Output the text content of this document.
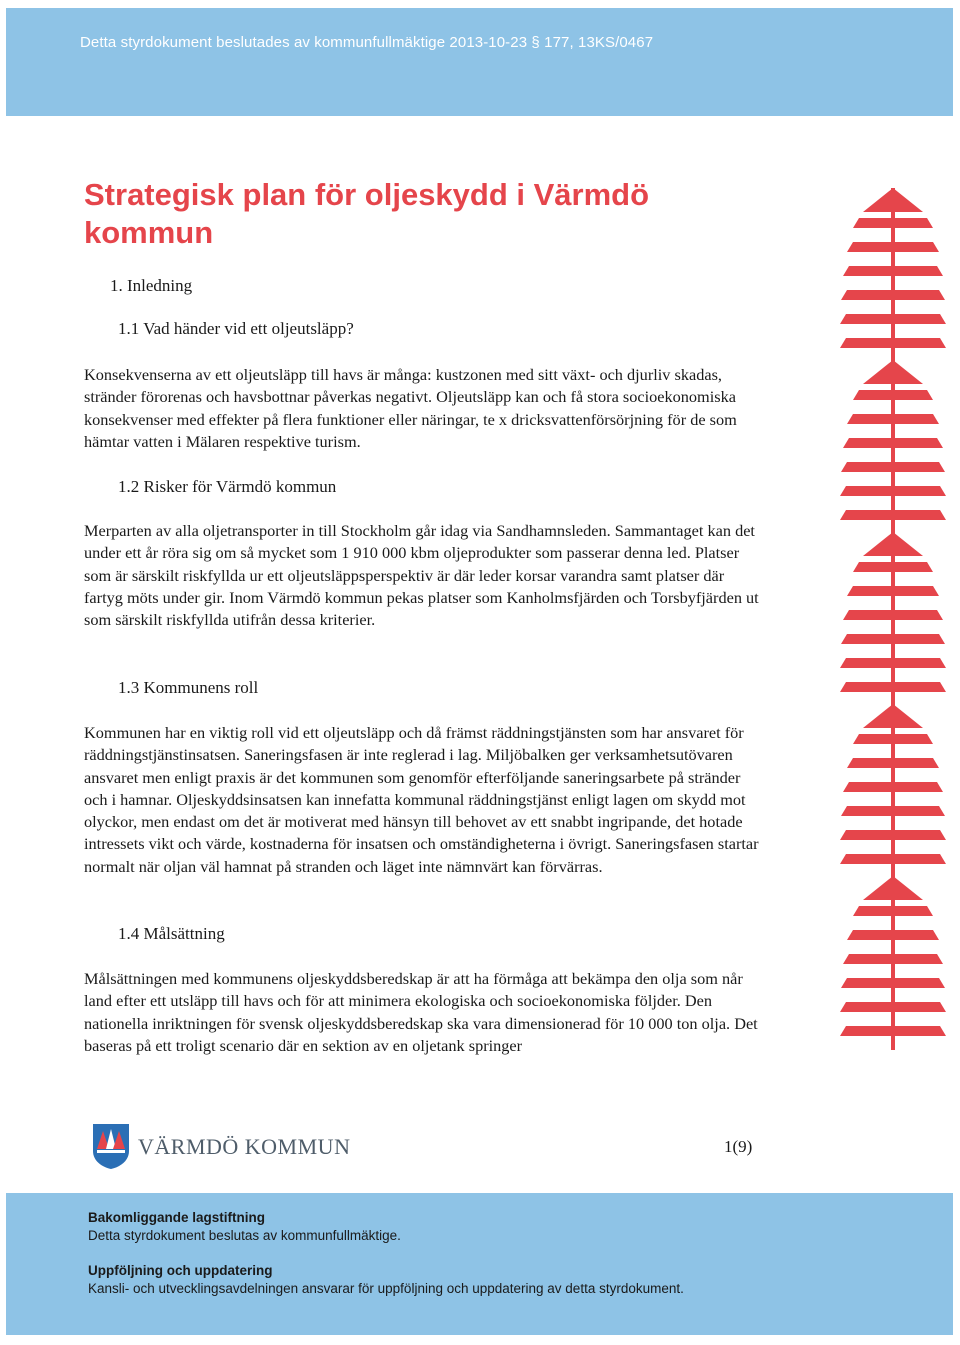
Detta styrdokument beslutades av kommunfullmäktige 2013-10-23 § 177, 13KS/0467
Strategisk plan för oljeskydd i Värmdö kommun
1. Inledning
1.1 Vad händer vid ett oljeutsläpp?
Konsekvenserna av ett oljeutsläpp till havs är många: kustzonen med sitt växt- och djurliv skadas, stränder förorenas och havsbottnar påverkas negativt. Oljeutsläpp kan och få stora socioekonomiska konsekvenser med effekter på flera funktioner eller näringar, te x dricksvattenförsörjning för de som hämtar vatten i Mälaren respektive turism.
1.2 Risker för Värmdö kommun
Merparten av alla oljetransporter in till Stockholm går idag via Sandhamnsleden. Sammantaget kan det under ett år röra sig om så mycket som 1 910 000 kbm oljeprodukter som passerar denna led. Platser som är särskilt riskfyllda ur ett oljeutsläppsperspektiv är där leder korsar varandra samt platser där fartyg möts under gir. Inom Värmdö kommun pekas platser som Kanholmsfjärden och Torsbyfjärden ut som särskilt riskfyllda utifrån dessa kriterier.
1.3 Kommunens roll
Kommunen har en viktig roll vid ett oljeutsläpp och då främst räddningstjänsten som har ansvaret för räddningstjänstinsatsen. Saneringsfasen är inte reglerad i lag. Miljöbalken ger verksamhetsutövaren ansvaret men enligt praxis är det kommunen som genomför efterföljande saneringsarbete på stränder och i hamnar. Oljeskyddsinsatsen kan innefatta kommunal räddningstjänst enligt lagen om skydd mot olyckor, men endast om det är motiverat med hänsyn till behovet av ett snabbt ingripande, det hotade intressets vikt och värde, kostnaderna för insatsen och omständigheterna i övrigt. Saneringsfasen startar normalt när oljan väl hamnat på stranden och läget inte nämnvärt kan förvärras.
1.4 Målsättning
Målsättningen med kommunens oljeskyddsberedskap är att ha förmåga att bekämpa den olja som når land efter ett utsläpp till havs och för att minimera ekologiska och socioekonomiska följder. Den nationella inriktningen för svensk oljeskyddsberedskap ska vara dimensionerad för 10 000 ton olja. Det baseras på ett troligt scenario där en sektion av en oljetank springer
VÄRMDÖ KOMMUN	1(9)
Bakomliggande lagstiftning
Detta styrdokument beslutas av kommunfullmäktige.
Uppföljning och uppdatering
Kansli- och utvecklingsavdelningen ansvarar för uppföljning och uppdatering av detta styrdokument.
